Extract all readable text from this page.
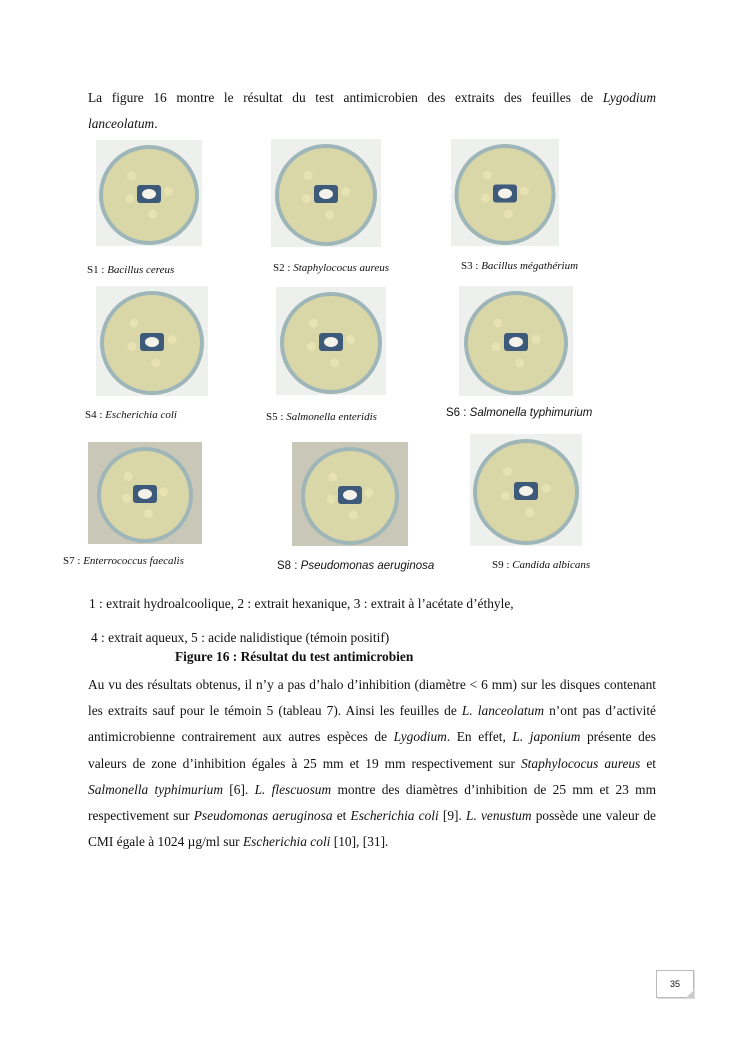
La figure 16 montre le résultat du test antimicrobien des extraits des feuilles de Lygodium
lanceolatum.
S1 : Bacillus cereus	S2 : Staphylococus aureus	S3 : Bacillus mégathérium
S4 : Escherichia coli	S5 : Salmonella enteridis	S6 : Salmonella typhimurium
S7 : Enterrococcus faecalis	S8 : Pseudomonas aeruginosa	S9 : Candida albicans
1 : extrait hydroalcoolique, 2 : extrait hexanique, 3 : extrait à l’acétate d’éthyle,
4 : extrait aqueux, 5 : acide nalidistique (témoin positif)
Figure 16 : Résultat du test antimicrobien
Au vu des résultats obtenus, il n’y a pas d’halo d’inhibition (diamètre < 6 mm) sur les disques contenant les extraits sauf pour le témoin 5 (tableau 7). Ainsi les feuilles de L. lanceolatum n’ont pas d’activité antimicrobienne contrairement aux autres espèces de Lygodium. En effet, L. japonium présente des valeurs de zone d’inhibition égales à 25 mm et 19 mm respectivement sur Staphylococus aureus et Salmonella typhimurium [6]. L. flescuosum montre des diamètres d’inhibition de 25 mm et 23 mm respectivement sur Pseudomonas aeruginosa et Escherichia coli [9]. L. venustum possède une valeur de CMI égale à 1024 µg/ml sur Escherichia coli [10], [31].
35
